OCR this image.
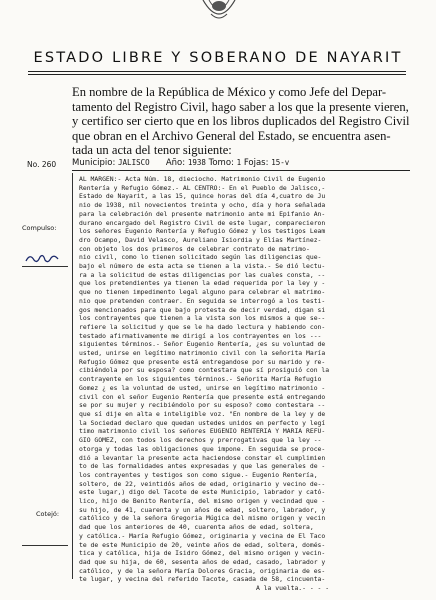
ESTADO LIBRE Y SOBERANO DE NAYARIT
En nombre de la República de México y como Jefe del Depar-
tamento del Registro Civil, hago saber a los que la presente vieren,
y certifico ser cierto que en los libros duplicados del Registro Civil
que obran en el Archivo General del Estado, se encuentra asen-
tada un acta del tenor siguiente:
No. 260 Municipio: JALISCO Año: 1938 Tomo: 1 Fojas: 15-v
Compulso:
Cotejó:
AL MARGEN:- Acta Núm. 18, dieciocho. Matrimonio Civil de Eugenio
Rentería y Refugio Gómez.- AL CENTRO:- En el Pueblo de Jalisco,-
Estado de Nayarit, a las 15, quince horas del día 4,cuatro de Ju
nio de 1938, mil novecientos treinta y ocho, día y hora señalada
para la celebración del presente matrimonio ante mi Epifanio An-
durano encargado del Registro Civil de este lugar, comparecieron
los señores Eugenio Rentería y Refugio Gómez y los testigos Leam
dro Ocampo, David Velasco, Aureliano Isiordia y Elías Martínez-
con objeto los dos primeros de celebrar contrato de matrimo-
nio civil, como lo tienen solicitado según las diligencias que-
bajo el número de esta acta se tienen a la vista.- Se dió lectu-
ra a la solicitud de estas diligencias por las cuales consta, --
que los pretendientes ya tienen la edad requerida por la ley y -
que no tienen impedimento legal alguno para celebrar el matrimo-
nio que pretenden contraer. En seguida se interrogó a los testi-
gos mencionados para que bajo protesta de decir verdad, digan si
los contrayentes que tienen a la vista son los mismos a que se--
refiere la solicitud y que se le ha dado lectura y habiendo con-
testado afirmativamente me dirigí a los contrayentes en los ---
siguientes términos.- Señor Eugenio Rentería, ¿es su voluntad de
usted, unirse en legítimo matrimonio civil con la señorita María
Refugio Gómez que presente está entregandose por su marido y re-
cibiéndola por su esposa? como contestara que sí prosiguió con la
contrayente en los siguientes términos.- Señorita María Refugio
Gomez ¿ es la voluntad de usted, unirse en legítimo matrimonio -
civil con el señor Eugenio Rentería que presente está entregando
se por su mujer y recibiéndolo por su esposo? como contestara --
que sí dije en alta e inteligible voz. "En nombre de la ley y de
la Sociedad declaro que quedan ustedes unidos en perfecto y legí
timo matrimonio civil los señores EUGENIO RENTERIA Y MARIA REFU-
GIO GOMEZ, con todos los derechos y prerrogativas que la ley --
otorga y todas las obligaciones que impone. En seguida se proce-
dió a levantar la presente acta haciendose constar el cumplimien
to de las formalidades antes expresadas y que las generales de -
los contrayentes y testigos son como sigue.- Eugenio Rentería,
soltero, de 22, veintidós años de edad, originario y vecino de--
este lugar,) digo del Tacote de este Municipio, labrador y cató-
lico, hijo de Benito Rentería, del mismo origen y vecindad que -
su hijo, de 41, cuarenta y un años de edad, soltero, labrador, y
católico y de la señora Gregoria Múgica del mismo origen y vecin
dad que los anteriores de 40, cuarenta años de edad, soltera,
y católica.- María Refugio Gómez, originaria y vecina de El Taco
te de este Municipio de 20, veinte años de edad, soltera, domés-
tica y católica, hija de Isidro Gómez, del mismo origen y vecin-
dad que su hija, de 60, sesenta años de edad, casado, labrador y
católico, y de la señora María Dolores Gracia, originaria de es-
te lugar, y vecina del referido Tacote, casada de 58, cincuenta-
A la vuelta.- - - -
